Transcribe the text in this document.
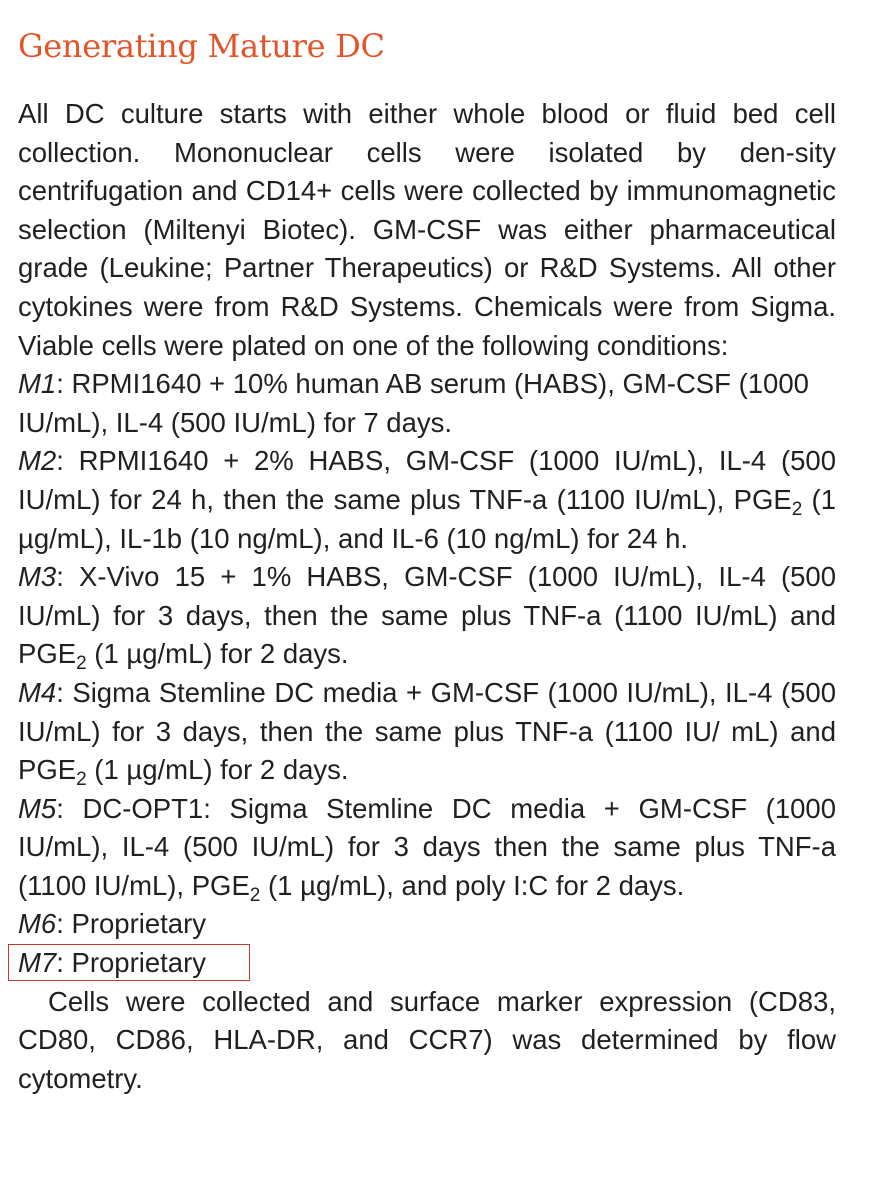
Generating Mature DC

All DC culture starts with either whole blood or fluid bed cell collection. Mononuclear cells were isolated by den-sity centrifugation and CD14+ cells were collected by immunomagnetic selection (Miltenyi Biotec). GM-CSF was either pharmaceutical grade (Leukine; Partner Therapeutics) or R&D Systems. All other cytokines were from R&D Systems. Chemicals were from Sigma. Viable cells were plated on one of the following conditions:

M1: RPMI1640 + 10% human AB serum (HABS), GM-CSF (1000 IU/mL), IL-4 (500 IU/mL) for 7 days.

M2: RPMI1640 + 2% HABS, GM-CSF (1000 IU/mL), IL-4 (500 IU/mL) for 24 h, then the same plus TNF-a (1100 IU/mL), $PGE_2$ (1 µg/mL), IL-1b (10 ng/mL), and IL-6 (10 ng/mL) for 24 h.

M3: X-Vivo 15 + 1% HABS, GM-CSF (1000 IU/mL), IL-4 (500 IU/mL) for 3 days, then the same plus TNF-a (1100 IU/mL) and $PGE_2$ (1 µg/mL) for 2 days.

M4: Sigma Stemline DC media + GM-CSF (1000 IU/mL), IL-4 (500 IU/mL) for 3 days, then the same plus TNF-a (1100 IU/ mL) and $PGE_2$ (1 µg/mL) for 2 days.

M5: DC-OPT1: Sigma Stemline DC media + GM-CSF (1000 IU/mL), IL-4 (500 IU/mL) for 3 days then the same plus TNF-a (1100 IU/mL), $PGE_2$ (1 µg/mL), and poly I:C for 2 days.

M6: Proprietary

M7: Proprietary

Cells were collected and surface marker expression (CD83, CD80, CD86, HLA-DR, and CCR7) was determined by flow cytometry.
